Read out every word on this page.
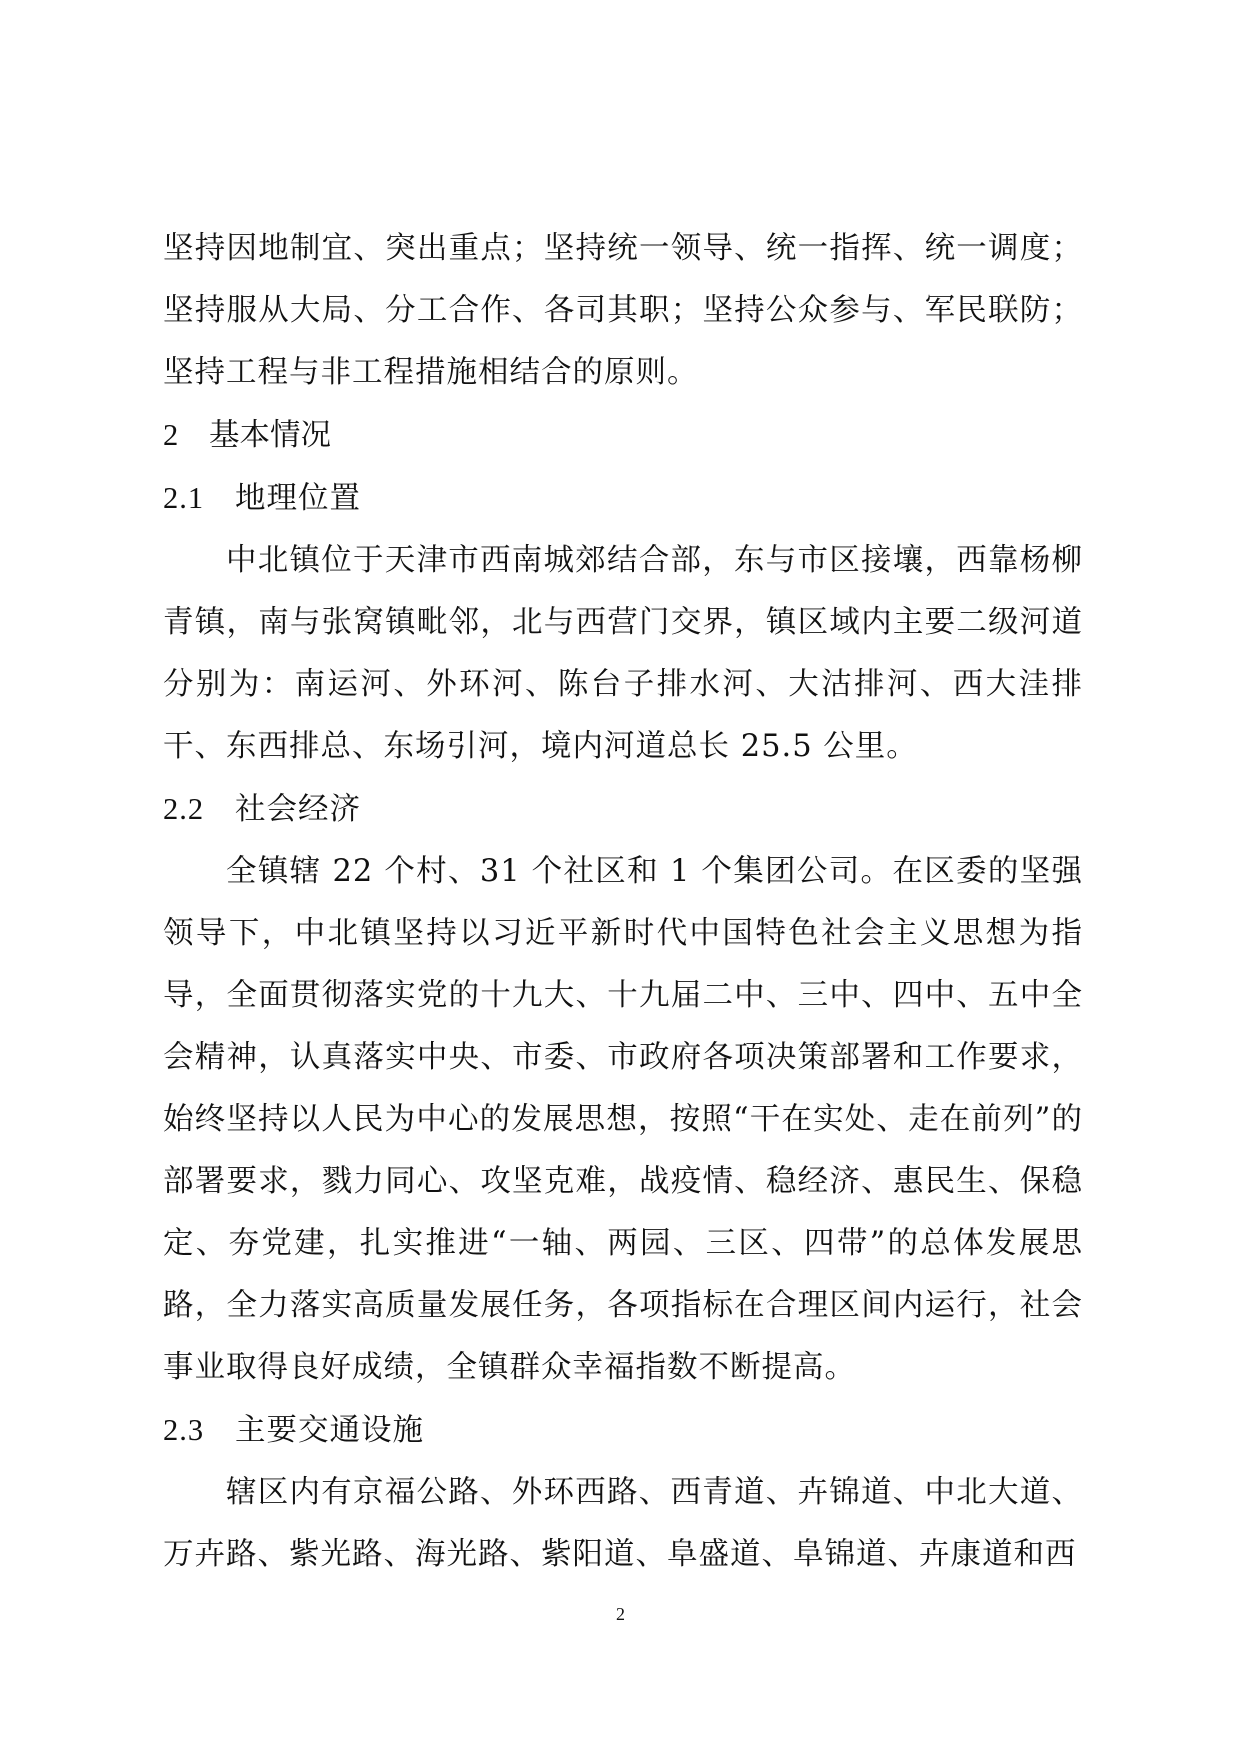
坚持因地制宜、突出重点；坚持统一领导、统一指挥、统一调度；坚持服从大局、分工合作、各司其职；坚持公众参与、军民联防；坚持工程与非工程措施相结合的原则。

2 基本情况

2.1 地理位置

中北镇位于天津市西南城郊结合部，东与市区接壤，西靠杨柳青镇，南与张窝镇毗邻，北与西营门交界，镇区域内主要二级河道分别为：南运河、外环河、陈台子排水河、大沽排河、西大洼排干、东西排总、东场引河，境内河道总长 25.5 公里。

2.2 社会经济

全镇辖 22 个村、31 个社区和 1 个集团公司。在区委的坚强领导下，中北镇坚持以习近平新时代中国特色社会主义思想为指导，全面贯彻落实党的十九大、十九届二中、三中、四中、五中全会精神，认真落实中央、市委、市政府各项决策部署和工作要求，始终坚持以人民为中心的发展思想，按照“干在实处、走在前列”的部署要求，戮力同心、攻坚克难，战疫情、稳经济、惠民生、保稳定、夯党建，扎实推进“一轴、两园、三区、四带”的总体发展思路，全力落实高质量发展任务，各项指标在合理区间内运行，社会事业取得良好成绩，全镇群众幸福指数不断提高。

2.3 主要交通设施

辖区内有京福公路、外环西路、西青道、卉锦道、中北大道、万卉路、紫光路、海光路、紫阳道、阜盛道、阜锦道、卉康道和西

2
